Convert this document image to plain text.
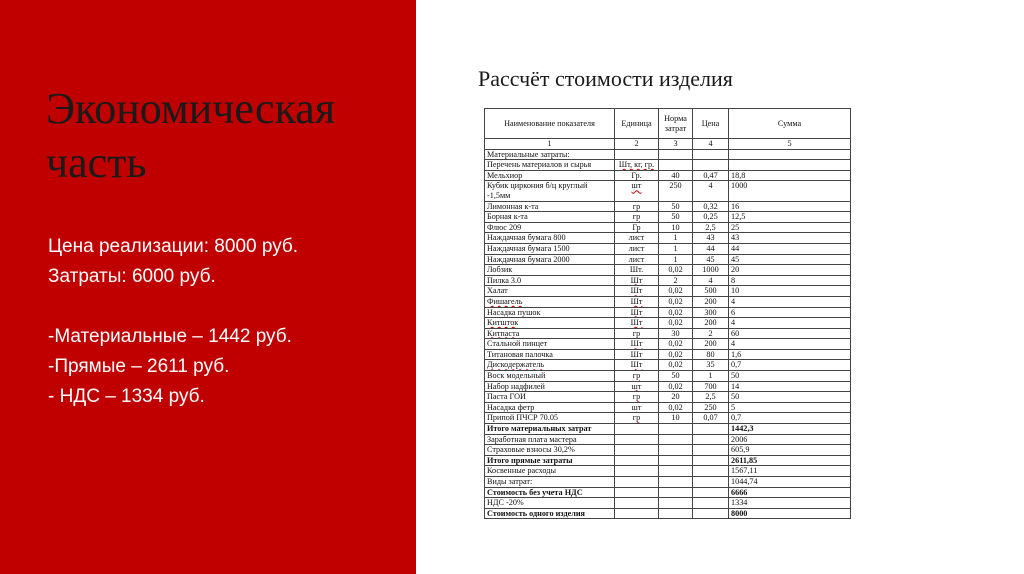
Экономическая
часть
Цена реализации: 8000 руб.
Затраты: 6000 руб.
-Материальные – 1442 руб.
-Прямые – 2611 руб.
- НДС – 1334 руб.
Рассчёт стоимости изделия
Наименование показателя	Единица	Норма затрат	Цена	Сумма
1	2	3	4	5
Материальные затраты:				
Перечень материалов и сырья	Шт, кг, гр.			
Мельхиор	Гр.	40	0,47	18,8
Кубик циркония б/ц круглый -1,5мм	шт	250	4	1000
Лимонная к-та	гр	50	0,32	16
Борная к-та	гр	50	0,25	12,5
Флюс 209	Гр	10	2,5	25
Наждачная бумага 800	лист	1	43	43
Наждачная бумага 1500	лист	1	44	44
Наждачная бумага 2000	лист	1	45	45
Лобзик	Шт.	0,02	1000	20
Пилка 3.0	Шт	2	4	8
Халат	Шт	0,02	500	10
Фишагель	Шт	0,02	200	4
Насадка пушок	Шт	0,02	300	6
Китшток	Шт	0,02	200	4
Китпаста	гр	30	2	60
Стальной пинцет	Шт	0,02	200	4
Титановая палочка	Шт	0,02	80	1,6
Дискодержатель	Шт	0,02	35	0,7
Воск модельный	гр	50	1	50
Набор надфилей	шт	0,02	700	14
Паста ГОИ	гр	20	2,5	50
Насадка фетр	шт	0,02	250	5
Припой ПЧСР 70.05	гр	10	0,07	0,7
Итого материальных затрат				1442,3
Заработная плата мастера				2006
Страховые взносы 30,2%				605,9
Итого прямые затраты				2611,85
Косвенные расходы				1567,11
Виды затрат:				1044,74
Стоимость без учета НДС				6666
НДС -20%				1334
Стоимость одного изделия				8000
